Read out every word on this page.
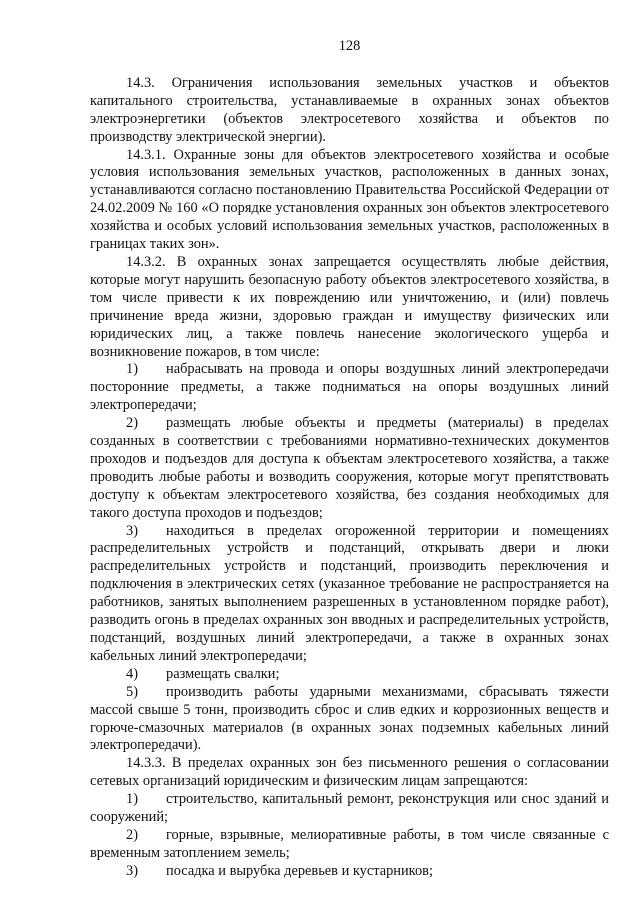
128

14.3. Ограничения использования земельных участков и объектов капитального строительства, устанавливаемые в охранных зонах объектов электроэнергетики (объектов электросетевого хозяйства и объектов по производству электрической энергии).

14.3.1. Охранные зоны для объектов электросетевого хозяйства и особые условия использования земельных участков, расположенных в данных зонах, устанавливаются согласно постановлению Правительства Российской Федерации от 24.02.2009 № 160 «О порядке установления охранных зон объектов электросетевого хозяйства и особых условий использования земельных участков, расположенных в границах таких зон».

14.3.2. В охранных зонах запрещается осуществлять любые действия, которые могут нарушить безопасную работу объектов электросетевого хозяйства, в том числе привести к их повреждению или уничтожению, и (или) повлечь причинение вреда жизни, здоровью граждан и имуществу физических или юридических лиц, а также повлечь нанесение экологического ущерба и возникновение пожаров, в том числе:

1) набрасывать на провода и опоры воздушных линий электропередачи посторонние предметы, а также подниматься на опоры воздушных линий электропередачи;

2) размещать любые объекты и предметы (материалы) в пределах созданных в соответствии с требованиями нормативно-технических документов проходов и подъездов для доступа к объектам электросетевого хозяйства, а также проводить любые работы и возводить сооружения, которые могут препятствовать доступу к объектам электросетевого хозяйства, без создания необходимых для такого доступа проходов и подъездов;

3) находиться в пределах огороженной территории и помещениях распределительных устройств и подстанций, открывать двери и люки распределительных устройств и подстанций, производить переключения и подключения в электрических сетях (указанное требование не распространяется на работников, занятых выполнением разрешенных в установленном порядке работ), разводить огонь в пределах охранных зон вводных и распределительных устройств, подстанций, воздушных линий электропередачи, а также в охранных зонах кабельных линий электропередачи;

4) размещать свалки;

5) производить работы ударными механизмами, сбрасывать тяжести массой свыше 5 тонн, производить сброс и слив едких и коррозионных веществ и горюче-смазочных материалов (в охранных зонах подземных кабельных линий электропередачи).

14.3.3. В пределах охранных зон без письменного решения о согласовании сетевых организаций юридическим и физическим лицам запрещаются:

1) строительство, капитальный ремонт, реконструкция или снос зданий и сооружений;

2) горные, взрывные, мелиоративные работы, в том числе связанные с временным затоплением земель;

3) посадка и вырубка деревьев и кустарников;
